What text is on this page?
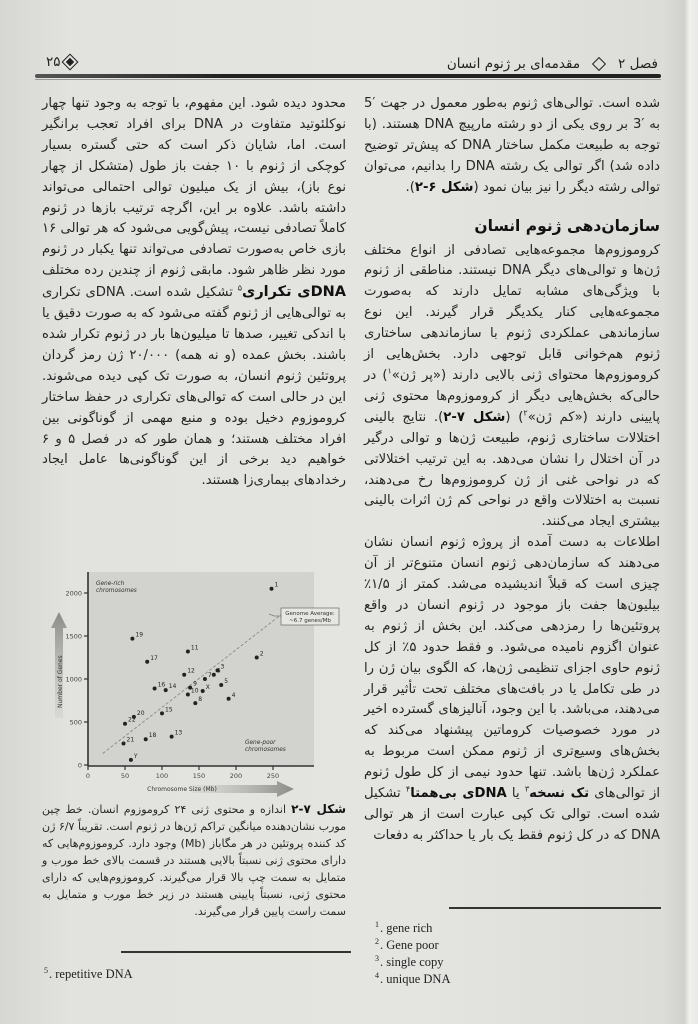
فصل ۲
مقدمه‌ای بر ژنوم انسان
۲۵

شده است. توالی‌های ژنوم به‌طور معمول در جهت ′5 به ′3 بر روی یکی از دو رشته مارپیچ DNA هستند. (با توجه به طبیعت مکمل ساختار DNA که پیش‌تر توضیح داده شد) اگر توالی یک رشته DNA را بدانیم، می‌توان توالی رشته دیگر را نیز بیان نمود (شکل ۶-۲).

سازمان‌دهی ژنوم انسان

کروموزوم‌ها مجموعه‌هایی تصادفی از انواع مختلف ژن‌ها و توالی‌های دیگر DNA نیستند. مناطقی از ژنوم با ویژگی‌های مشابه تمایل دارند که به‌صورت مجموعه‌هایی کنار یکدیگر قرار گیرند. این نوع سازماندهی عملکردی ژنوم با سازماندهی ساختاری ژنوم هم‌خوانی قابل توجهی دارد. بخش‌هایی از کروموزوم‌ها محتوای ژنی بالایی دارند («پر ژن»$^۱$) در حالی‌که بخش‌هایی دیگر از کروموزوم‌ها محتوی ژنی پایینی دارند («کم ژن»$^۲$) (شکل ۷-۲). نتایج بالینی اختلالات ساختاری ژنوم، طبیعت ژن‌ها و توالی درگیر در آن اختلال را نشان می‌دهد. به این ترتیب اختلالاتی که در نواحی غنی از ژن کروموزوم‌ها رخ می‌دهند، نسبت به اختلالات واقع در نواحی کم ژن اثرات بالینی بیشتری ایجاد می‌کنند.

اطلاعات به دست آمده از پروژه ژنوم انسان نشان می‌دهند که سازمان‌دهی ژنوم انسان متنوع‌تر از آن چیزی است که قبلاً اندیشیده می‌شد. کمتر از ۱/۵٪ بیلیون‌ها جفت باز موجود در ژنوم انسان در واقع پروتئین‌ها را رمزدهی می‌کند. این بخش از ژنوم به عنوان اگزوم نامیده می‌شود. و فقط حدود ۵٪ از کل ژنوم حاوی اجزای تنظیمی ژن‌ها، که الگوی بیان ژن را در طی تکامل یا در بافت‌های مختلف تحت تأثیر قرار می‌دهند، می‌باشد. با این وجود، آنالیزهای گسترده اخیر در مورد خصوصیات کروماتین پیشنهاد می‌کند که بخش‌های وسیع‌تری از ژنوم ممکن است مربوط به عملکرد ژن‌ها باشد. تنها حدود نیمی از کل طول ژنوم از توالی‌های تک نسخه$^۳$ یا DNAی بی‌همتا$^۴$ تشکیل شده است. توالی تک کپی عبارت است از هر توالی DNA که در کل ژنوم فقط یک بار یا حداکثر به دفعات

محدود دیده شود. این مفهوم، با توجه به وجود تنها چهار نوکلئوتید متفاوت در DNA برای افراد تعجب برانگیر است. اما، شایان ذکر است که حتی گستره بسیار کوچکی از ژنوم با ۱۰ جفت باز طول (متشکل از چهار نوع باز)، بیش از یک میلیون توالی احتمالی می‌تواند داشته باشد. علاوه بر این، اگرچه ترتیب بازها در ژنوم کاملاً تصادفی نیست، پیش‌گویی می‌شود که هر توالی ۱۶ بازی خاص به‌صورت تصادفی می‌تواند تنها یکبار در ژنوم مورد نظر ظاهر شود. مابقی ژنوم از چندین رده مختلف DNAی تکراری$^۵$ تشکیل شده است. DNAی تکراری به توالی‌هایی از ژنوم گفته می‌شود که به صورت دقیق یا با اندکی تغییر، صدها تا میلیون‌ها بار در ژنوم تکرار شده باشند. بخش عمده (و نه همه) ۲۰/۰۰۰ ژن رمز گردان پروتئین ژنوم انسان، به صورت تک کپی دیده می‌شوند. این در حالی است که توالی‌های تکراری در حفظ ساختار کروموزوم دخیل بوده و منبع مهمی از گوناگونی بین افراد مختلف هستند؛ و همان طور که در فصل ۵ و ۶ خواهیم دید برخی از این گوناگونی‌ها عامل ایجاد رخدادهای بیماری‌زا هستند.

0
500
1000
1500
2000
0	50	100	150	200	250
Number of Genes
Chromosome Size (Mb)
1
2
3
4
5
6
7
8
9
10
11
12
13
14
15
16
17
18
19
20
21
22
X
Y
Gene-rich
chromosomes
Gene-poor
chromosomes
Genome Average:
~6.7 genes/Mb
شکل ۷-۲ اندازه و محتوی ژنی ۲۴ کروموزوم انسان. خط چین مورب نشان‌دهنده میانگین تراکم ژن‌ها در ژنوم است. تقریباً ۶/۷ ژن کد کننده پروتئین در هر مگاباز (Mb) وجود دارد. کروموزوم‌هایی که دارای محتوی ژنی نسبتاً بالایی هستند در قسمت بالای خط مورب و متمایل به سمت چپ بالا قرار می‌گیرند. کروموزوم‌هایی که دارای محتوی ژنی، نسبتاً پایینی هستند در زیر خط مورب و متمایل به سمت راست پایین قرار می‌گیرند.
$^1$. gene rich
$^2$. Gene poor
$^3$. single copy
$^4$. unique DNA
$^5$. repetitive DNA
